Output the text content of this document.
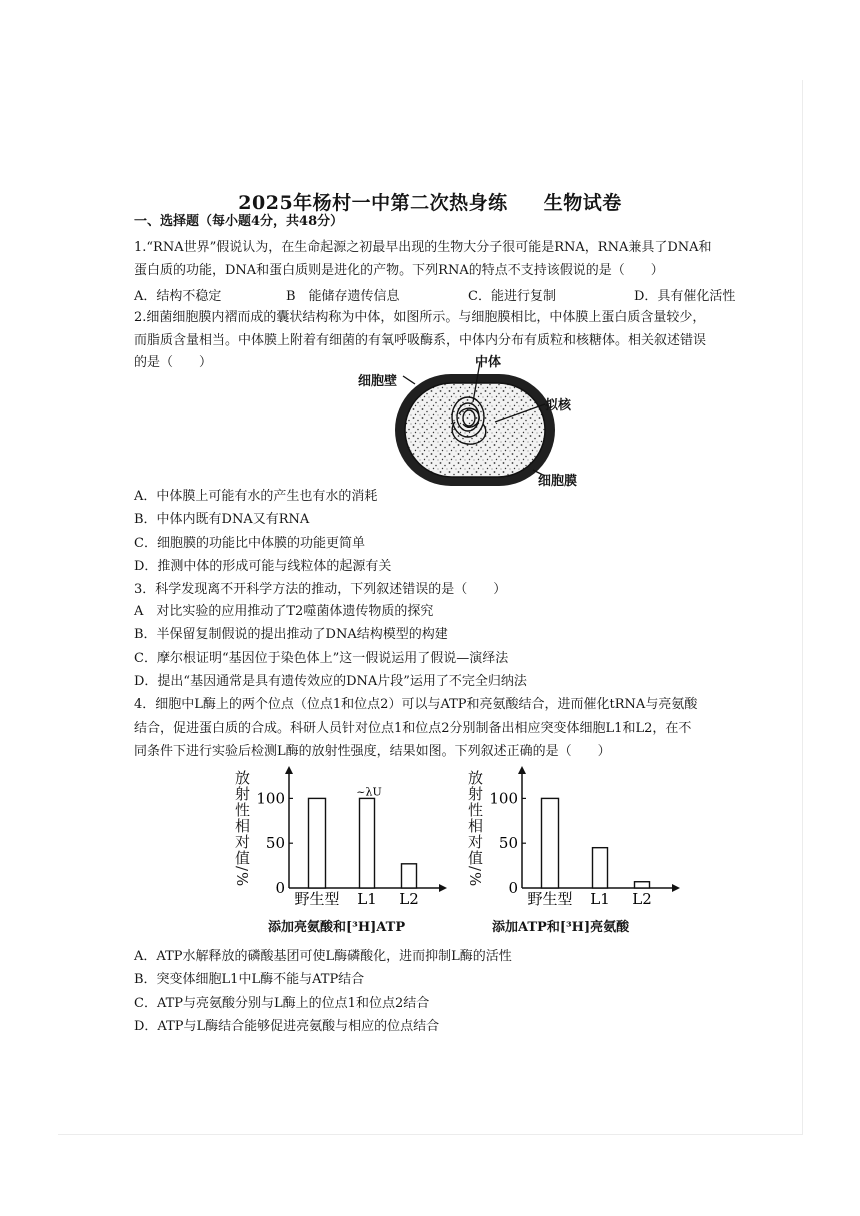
2025年杨村一中第二次热身练 生物试卷
一、选择题（每小题4分，共48分）
1.“RNA世界”假说认为，在生命起源之初最早出现的生物大分子很可能是RNA，RNA兼具了DNA和
蛋白质的功能，DNA和蛋白质则是进化的产物。下列RNA的特点不支持该假说的是（　　）
A．结构不稳定	B　能储存遗传信息	C．能进行复制	D．具有催化活性
2.细菌细胞膜内褶而成的囊状结构称为中体，如图所示。与细胞膜相比，中体膜上蛋白质含量较少，
而脂质含量相当。中体膜上附着有细菌的有氧呼吸酶系，中体内分布有质粒和核糖体。相关叙述错误
的是（　　）	中体
细胞壁
拟核
细胞膜
A．中体膜上可能有水的产生也有水的消耗
B．中体内既有DNA又有RNA
C．细胞膜的功能比中体膜的功能更简单
D．推测中体的形成可能与线粒体的起源有关
3．科学发现离不开科学方法的推动，下列叙述错误的是（　　）
A　对比实验的应用推动了T2噬菌体遗传物质的探究
B．半保留复制假说的提出推动了DNA结构模型的构建
C．摩尔根证明“基因位于染色体上”这一假说运用了假说—演绎法
D．提出“基因通常是具有遗传效应的DNA片段”运用了不完全归纳法
4．细胞中L酶上的两个位点（位点1和位点2）可以与ATP和亮氨酸结合，进而催化tRNA与亮氨酸
结合，促进蛋白质的合成。科研人员针对位点1和位点2分别制备出相应突变体细胞L1和L2，在不
同条件下进行实验后检测L酶的放射性强度，结果如图。下列叙述正确的是（　　）
放射性相对值/%
0
50
100
野生型 L1 L2
~λU
添加亮氨酸和[³H]ATP
放射性相对值/%
0
50
100
野生型 L1 L2
添加ATP和[³H]亮氨酸
A．ATP水解释放的磷酸基团可使L酶磷酸化，进而抑制L酶的活性
B．突变体细胞L1中L酶不能与ATP结合
C．ATP与亮氨酸分别与L酶上的位点1和位点2结合
D．ATP与L酶结合能够促进亮氨酸与相应的位点结合
